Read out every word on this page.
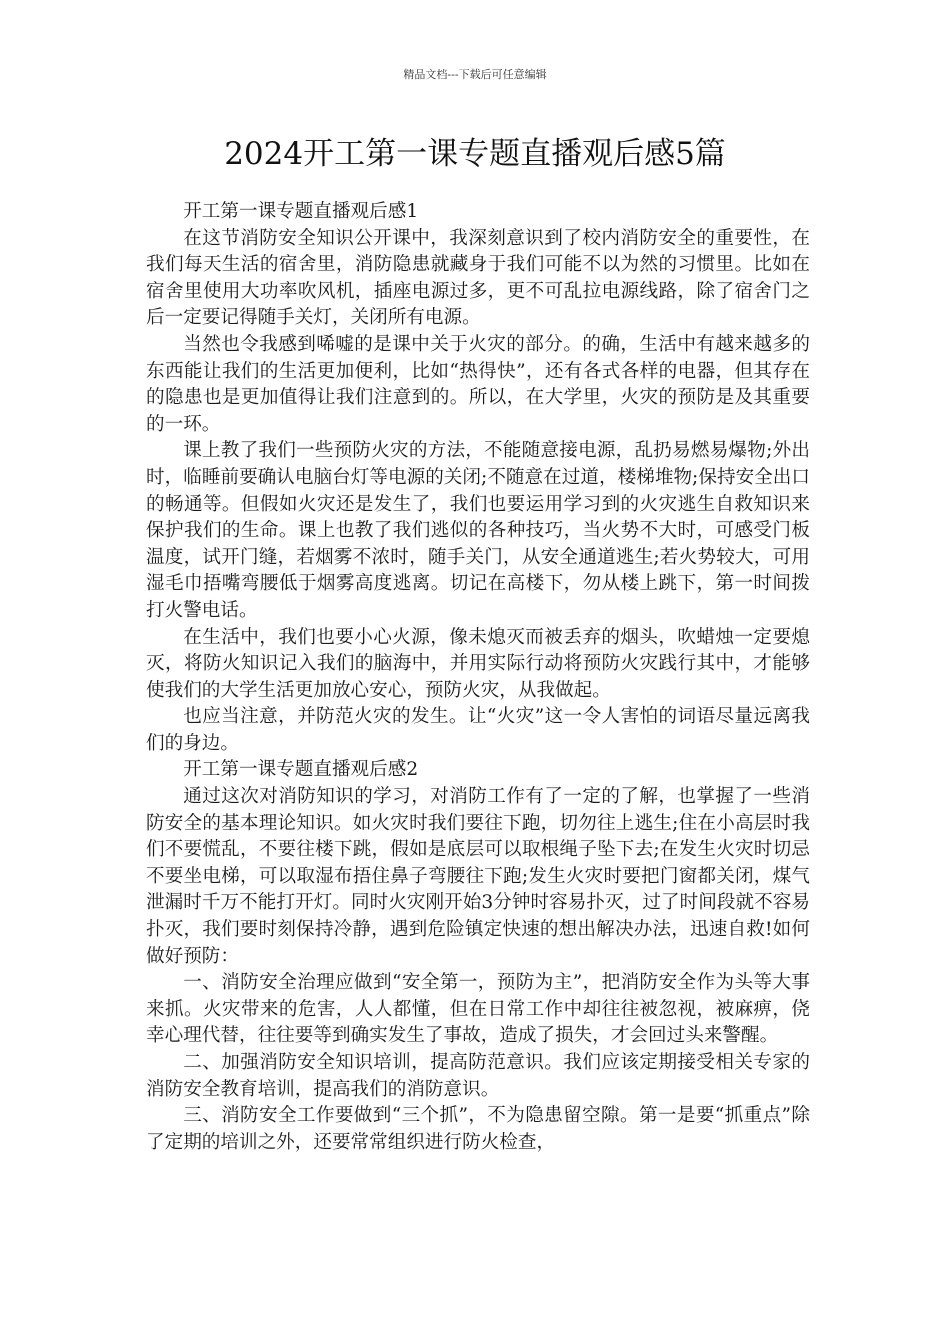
精品文档---下载后可任意编辑
2024开工第一课专题直播观后感5篇

开工第一课专题直播观后感1

在这节消防安全知识公开课中，我深刻意识到了校内消防安全的重要性，在我们每天生活的宿舍里，消防隐患就藏身于我们可能不以为然的习惯里。比如在宿舍里使用大功率吹风机，插座电源过多，更不可乱拉电源线路，除了宿舍门之后一定要记得随手关灯，关闭所有电源。

当然也令我感到唏嘘的是课中关于火灾的部分。的确，生活中有越来越多的东西能让我们的生活更加便利，比如“热得快”，还有各式各样的电器，但其存在的隐患也是更加值得让我们注意到的。所以，在大学里，火灾的预防是及其重要的一环。

课上教了我们一些预防火灾的方法，不能随意接电源，乱扔易燃易爆物;外出时，临睡前要确认电脑台灯等电源的关闭;不随意在过道，楼梯堆物;保持安全出口的畅通等。但假如火灾还是发生了，我们也要运用学习到的火灾逃生自救知识来保护我们的生命。课上也教了我们逃似的各种技巧，当火势不大时，可感受门板温度，试开门缝，若烟雾不浓时，随手关门，从安全通道逃生;若火势较大，可用湿毛巾捂嘴弯腰低于烟雾高度逃离。切记在高楼下，勿从楼上跳下，第一时间拨打火警电话。

在生活中，我们也要小心火源，像未熄灭而被丢弃的烟头，吹蜡烛一定要熄灭，将防火知识记入我们的脑海中，并用实际行动将预防火灾践行其中，才能够使我们的大学生活更加放心安心，预防火灾，从我做起。

也应当注意，并防范火灾的发生。让“火灾”这一令人害怕的词语尽量远离我们的身边。

开工第一课专题直播观后感2

通过这次对消防知识的学习，对消防工作有了一定的了解，也掌握了一些消防安全的基本理论知识。如火灾时我们要往下跑，切勿往上逃生;住在小高层时我们不要慌乱，不要往楼下跳，假如是底层可以取根绳子坠下去;在发生火灾时切忌不要坐电梯，可以取湿布捂住鼻子弯腰往下跑;发生火灾时要把门窗都关闭，煤气泄漏时千万不能打开灯。同时火灾刚开始3分钟时容易扑灭，过了时间段就不容易扑灭，我们要时刻保持冷静，遇到危险镇定快速的想出解决办法，迅速自救!如何做好预防：

一、消防安全治理应做到“安全第一，预防为主”，把消防安全作为头等大事来抓。火灾带来的危害，人人都懂，但在日常工作中却往往被忽视，被麻痹，侥幸心理代替，往往要等到确实发生了事故，造成了损失，才会回过头来警醒。

二、加强消防安全知识培训，提高防范意识。我们应该定期接受相关专家的消防安全教育培训，提高我们的消防意识。

三、消防安全工作要做到“三个抓”，不为隐患留空隙。第一是要“抓重点”除了定期的培训之外，还要常常组织进行防火检查，
